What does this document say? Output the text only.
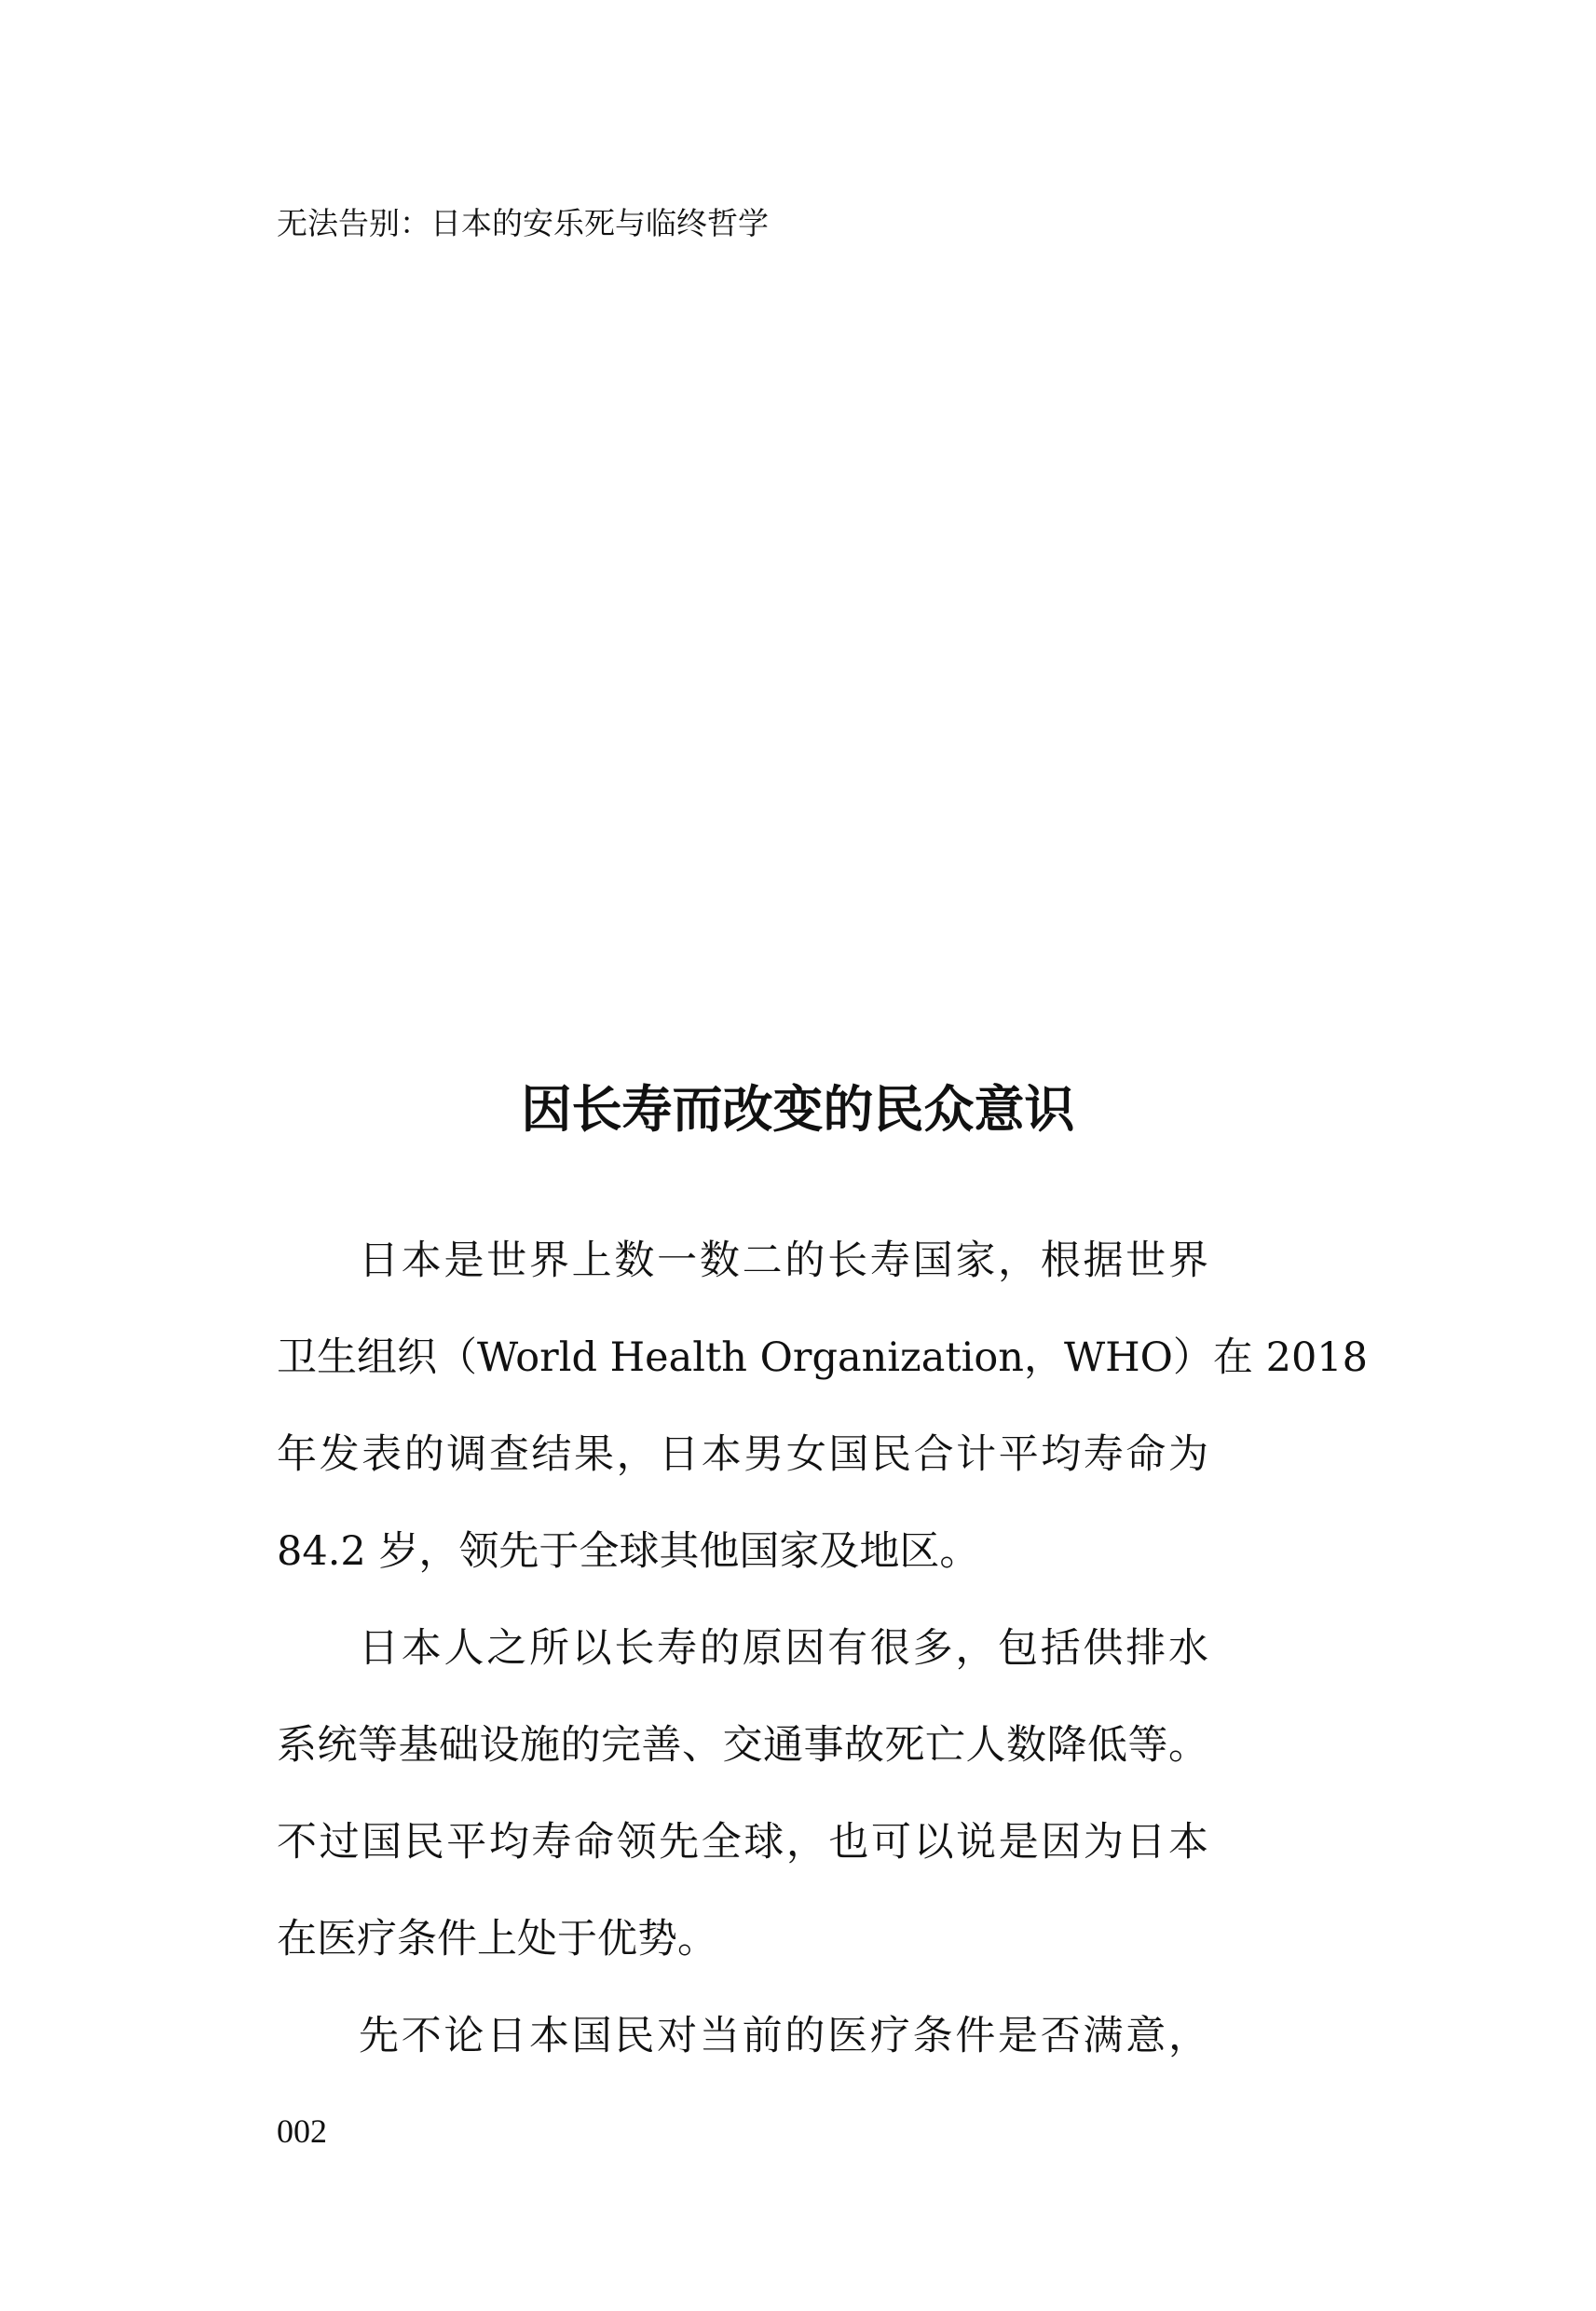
无法告别：日本的安乐死与临终哲学
因长寿而改变的民众意识
日本是世界上数一数二的长寿国家，根据世界
卫生组织（World Health Organization，WHO）在 2018
年发表的调查结果，日本男女国民合计平均寿命为
84.2 岁，领先于全球其他国家及地区。
日本人之所以长寿的原因有很多，包括供排水
系统等基础设施的完善、交通事故死亡人数降低等。
不过国民平均寿命领先全球，也可以说是因为日本
在医疗条件上处于优势。
先不论日本国民对当前的医疗条件是否满意，
002
